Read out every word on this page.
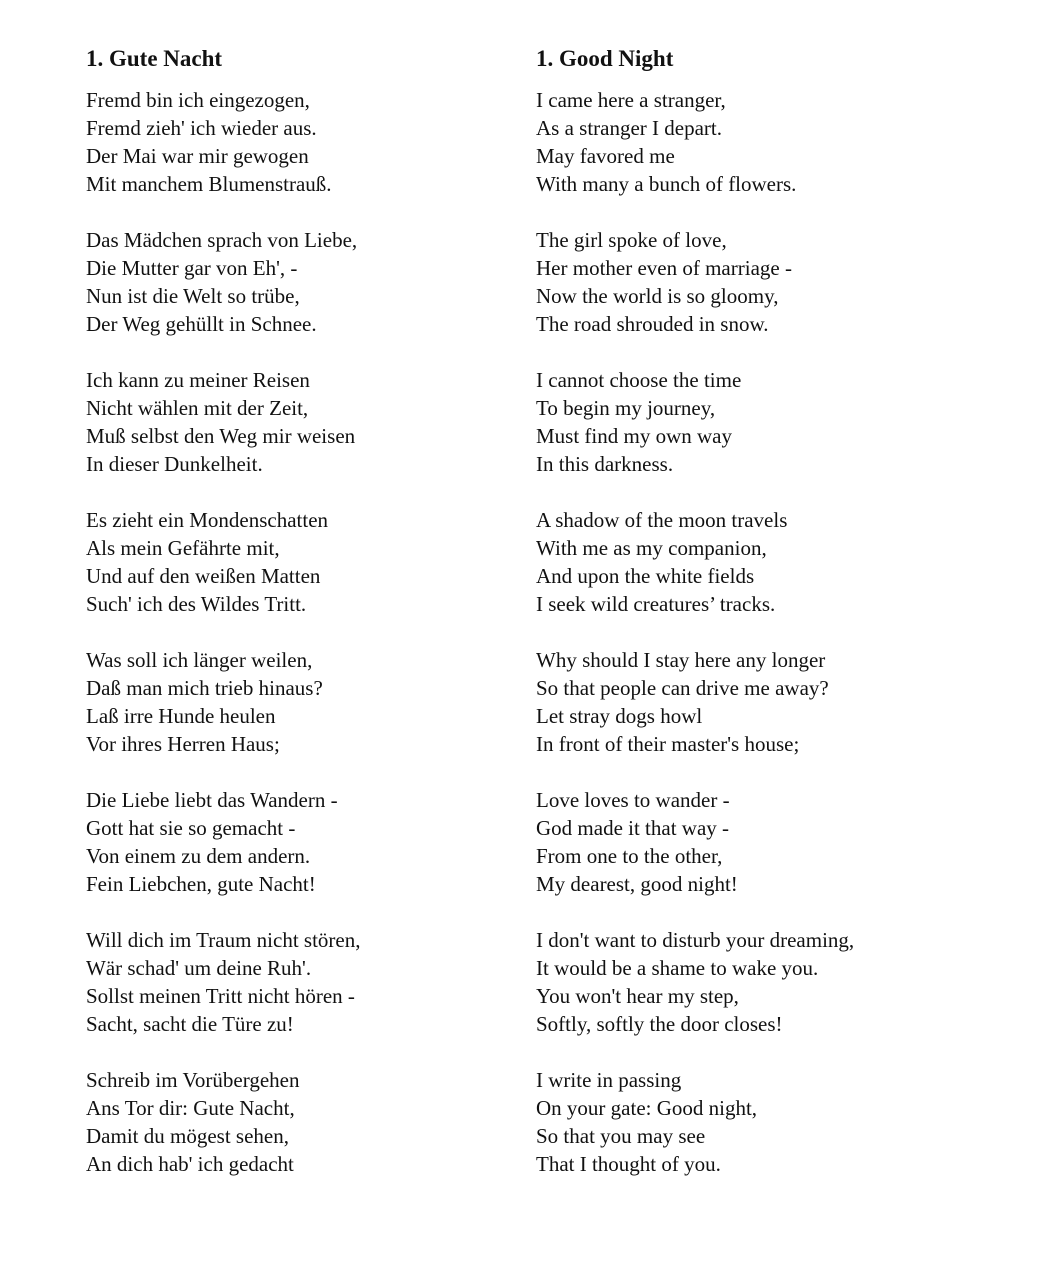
1. Gute Nacht
Fremd bin ich eingezogen,
Fremd zieh' ich wieder aus.
Der Mai war mir gewogen
Mit manchem Blumenstrauß.
Das Mädchen sprach von Liebe,
Die Mutter gar von Eh', -
Nun ist die Welt so trübe,
Der Weg gehüllt in Schnee.
Ich kann zu meiner Reisen
Nicht wählen mit der Zeit,
Muß selbst den Weg mir weisen
In dieser Dunkelheit.
Es zieht ein Mondenschatten
Als mein Gefährte mit,
Und auf den weißen Matten
Such' ich des Wildes Tritt.
Was soll ich länger weilen,
Daß man mich trieb hinaus?
Laß irre Hunde heulen
Vor ihres Herren Haus;
Die Liebe liebt das Wandern -
Gott hat sie so gemacht -
Von einem zu dem andern.
Fein Liebchen, gute Nacht!
Will dich im Traum nicht stören,
Wär schad' um deine Ruh'.
Sollst meinen Tritt nicht hören -
Sacht, sacht die Türe zu!
Schreib im Vorübergehen
Ans Tor dir: Gute Nacht,
Damit du mögest sehen,
An dich hab' ich gedacht
1. Good Night
I came here a stranger,
As a stranger I depart.
May favored me
With many a bunch of flowers.
The girl spoke of love,
Her mother even of marriage -
Now the world is so gloomy,
The road shrouded in snow.
I cannot choose the time
To begin my journey,
Must find my own way
In this darkness.
A shadow of the moon travels
With me as my companion,
And upon the white fields
I seek wild creatures’ tracks.
Why should I stay here any longer
So that people can drive me away?
Let stray dogs howl
In front of their master's house;
Love loves to wander -
God made it that way -
From one to the other,
My dearest, good night!
I don't want to disturb your dreaming,
It would be a shame to wake you.
You won't hear my step,
Softly, softly the door closes!
I write in passing
On your gate: Good night,
So that you may see
That I thought of you.
